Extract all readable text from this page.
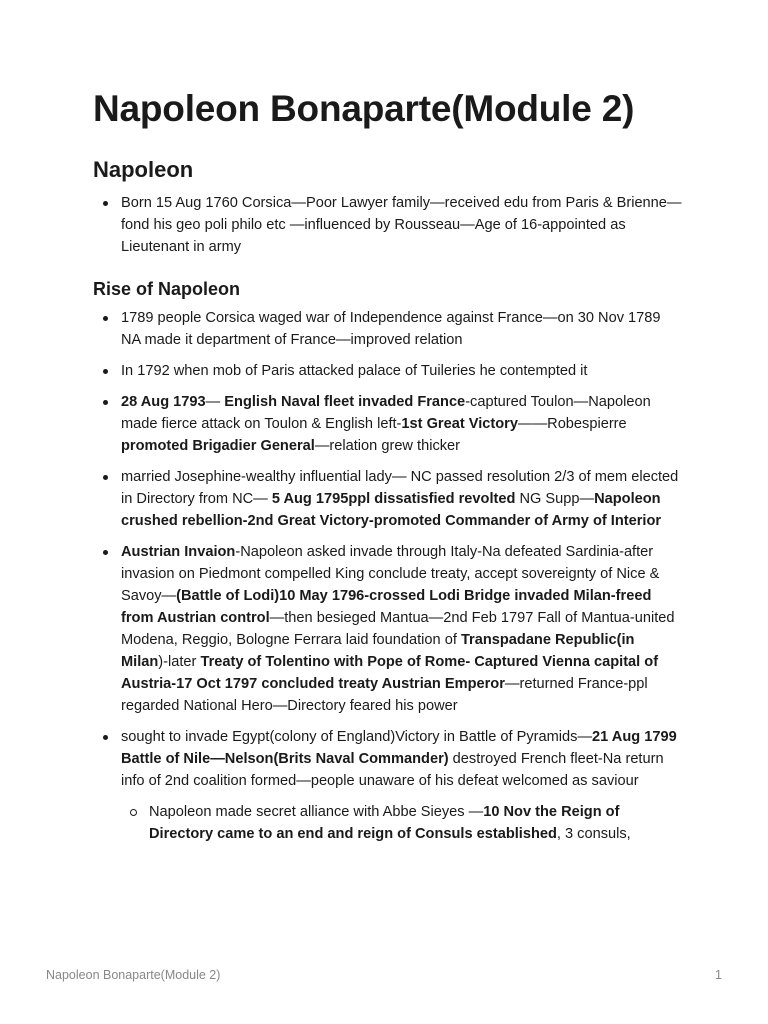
Napoleon Bonaparte(Module 2)
Napoleon
Born 15 Aug 1760 Corsica—Poor Lawyer family—received edu from Paris & Brienne—fond his geo poli philo etc —influenced by Rousseau—Age of 16-appointed as Lieutenant in army
Rise of Napoleon
1789 people Corsica waged war of Independence against France—on 30 Nov 1789 NA made it department of France—improved relation
In 1792 when mob of Paris attacked palace of Tuileries he contempted it
28 Aug 1793— English Naval fleet invaded France-captured Toulon—Napoleon made fierce attack on Toulon & English left-1st Great Victory——Robespierre promoted Brigadier General—relation grew thicker
married Josephine-wealthy influential lady— NC passed resolution 2/3 of mem elected in Directory from NC— 5 Aug 1795ppl dissatisfied revolted NG Supp—Napoleon crushed rebellion-2nd Great Victory-promoted Commander of Army of Interior
Austrian Invaion-Napoleon asked invade through Italy-Na defeated Sardinia-after invasion on Piedmont compelled King conclude treaty, accept sovereignty of Nice & Savoy—(Battle of Lodi)10 May 1796-crossed Lodi Bridge invaded Milan-freed from Austrian control—then besieged Mantua—2nd Feb 1797 Fall of Mantua-united Modena, Reggio, Bologne Ferrara laid foundation of Transpadane Republic(in Milan)-later Treaty of Tolentino with Pope of Rome- Captured Vienna capital of Austria-17 Oct 1797 concluded treaty Austrian Emperor—returned France-ppl regarded National Hero—Directory feared his power
sought to invade Egypt(colony of England)Victory in Battle of Pyramids—21 Aug 1799 Battle of Nile—Nelson(Brits Naval Commander) destroyed French fleet-Na return info of 2nd coalition formed—people unaware of his defeat welcomed as saviour
Napoleon made secret alliance with Abbe Sieyes —10 Nov the Reign of Directory came to an end and reign of Consuls established, 3 consuls,
Napoleon Bonaparte(Module 2)	1
